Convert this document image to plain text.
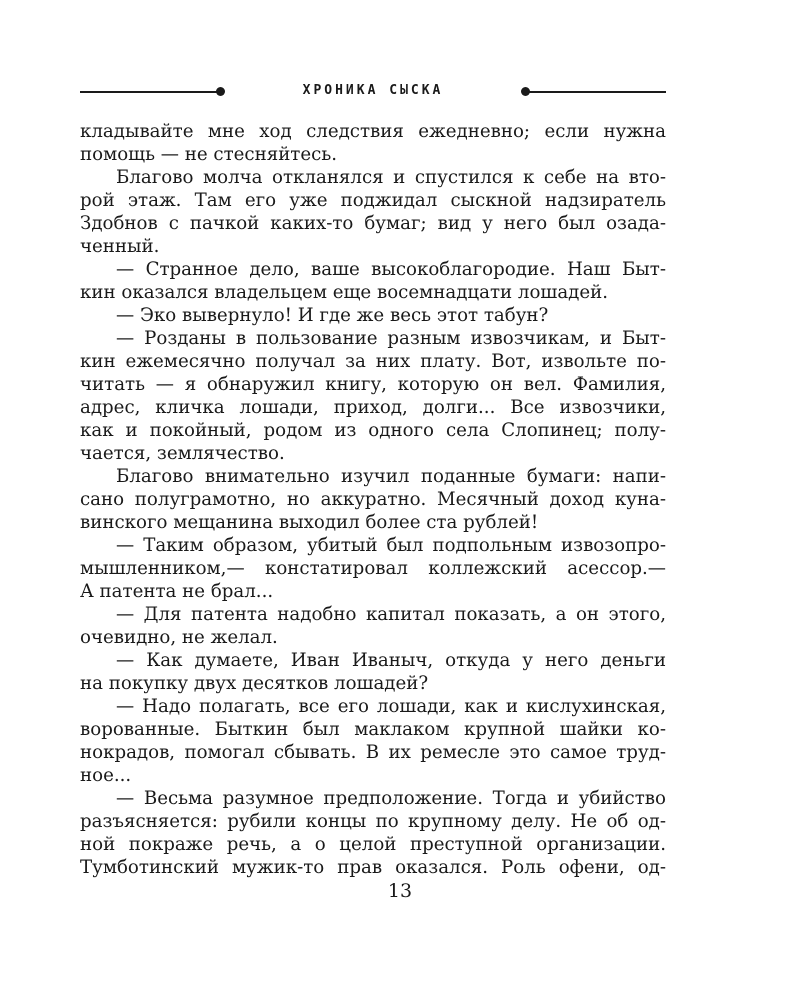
ХРОНИКА СЫСКА
кладывайте мне ход следствия ежедневно; если нужна
помощь — не стесняйтесь.
Благово молча откланялся и спустился к себе на вто-
рой этаж. Там его уже поджидал сыскной надзиратель
Здобнов с пачкой каких-то бумаг; вид у него был озада-
ченный.
— Странное дело, ваше высокоблагородие. Наш Быт-
кин оказался владельцем еще восемнадцати лошадей.
— Эко вывернуло! И где же весь этот табун?
— Розданы в пользование разным извозчикам, и Быт-
кин ежемесячно получал за них плату. Вот, извольте по-
читать — я обнаружил книгу, которую он вел. Фамилия,
адрес, кличка лошади, приход, долги... Все извозчики,
как и покойный, родом из одного села Слопинец; полу-
чается, землячество.
Благово внимательно изучил поданные бумаги: напи-
сано полуграмотно, но аккуратно. Месячный доход куна-
винского мещанина выходил более ста рублей!
— Таким образом, убитый был подпольным извозопро-
мышленником,— констатировал коллежский асессор.—
А патента не брал...
— Для патента надобно капитал показать, а он этого,
очевидно, не желал.
— Как думаете, Иван Иваныч, откуда у него деньги
на покупку двух десятков лошадей?
— Надо полагать, все его лошади, как и кислухинская,
ворованные. Быткин был маклаком крупной шайки ко-
нокрадов, помогал сбывать. В их ремесле это самое труд-
ное...
— Весьма разумное предположение. Тогда и убийство
разъясняется: рубили концы по крупному делу. Не об од-
ной покраже речь, а о целой преступной организации.
Тумботинский мужик-то прав оказался. Роль офени, од-
13
